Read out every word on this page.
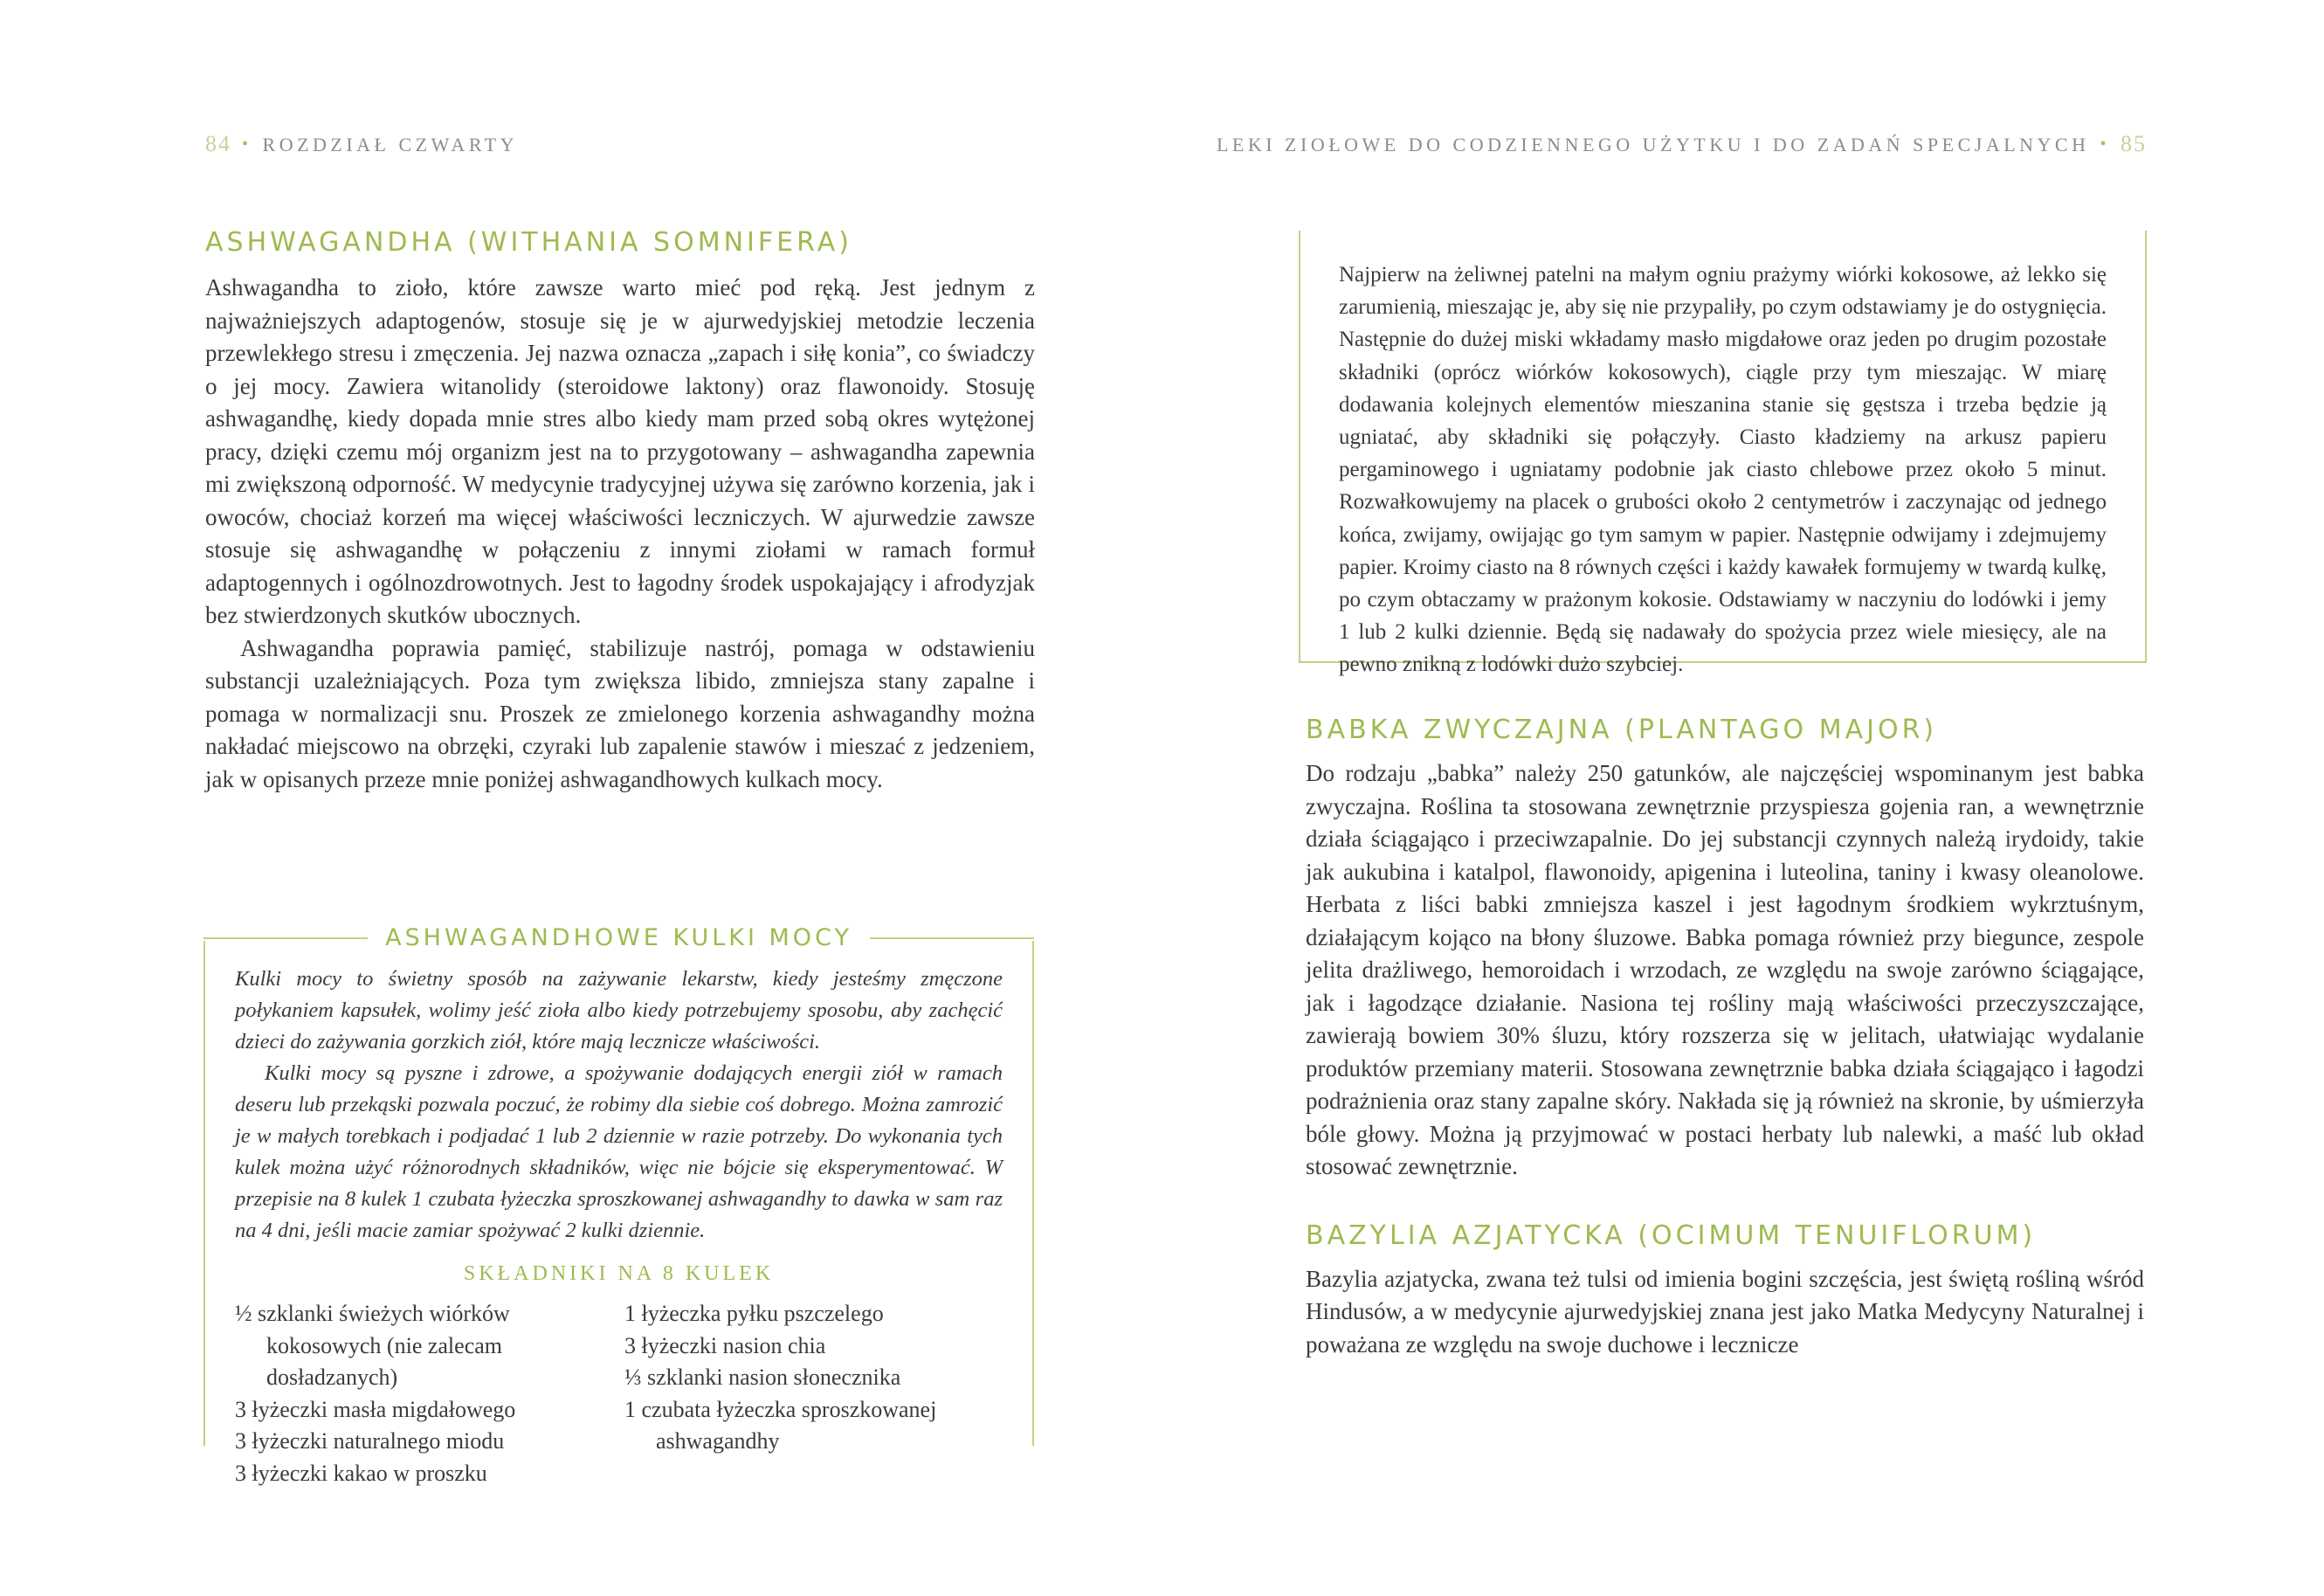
84 • ROZDZIAŁ CZWARTY	LEKI ZIOŁOWE DO CODZIENNEGO UŻYTKU I DO ZADAŃ SPECJALNYCH • 85
ASHWAGANDHA (WITHANIA SOMNIFERA)

Ashwagandha to zioło, które zawsze warto mieć pod ręką. Jest jednym z najważniejszych adaptogenów, stosuje się je w ajurwedyjskiej metodzie leczenia przewlekłego stresu i zmęczenia. Jej nazwa oznacza „zapach i siłę konia”, co świadczy o jej mocy. Zawiera witanolidy (steroidowe laktony) oraz flawonoidy. Stosuję ashwagandhę, kiedy dopada mnie stres albo kiedy mam przed sobą okres wytężonej pracy, dzięki czemu mój organizm jest na to przygotowany – ashwagandha zapewnia mi zwiększoną odporność. W medycynie tradycyjnej używa się zarówno korzenia, jak i owoców, chociaż korzeń ma więcej właściwości leczniczych. W ajurwedzie zawsze stosuje się ashwagandhę w połączeniu z innymi ziołami w ramach formuł adaptogennych i ogólnozdrowotnych. Jest to łagodny środek uspokajający i afrodyzjak bez stwierdzonych skutków ubocznych.

Ashwagandha poprawia pamięć, stabilizuje nastrój, pomaga w odstawieniu substancji uzależniających. Poza tym zwiększa libido, zmniejsza stany zapalne i pomaga w normalizacji snu. Proszek ze zmielonego korzenia ashwagandhy można nakładać miejscowo na obrzęki, czyraki lub zapalenie stawów i mieszać z jedzeniem, jak w opisanych przeze mnie poniżej ashwagandhowych kulkach mocy.

ASHWAGANDHOWE KULKI MOCY

Kulki mocy to świetny sposób na zażywanie lekarstw, kiedy jesteśmy zmęczone połykaniem kapsułek, wolimy jeść zioła albo kiedy potrzebujemy sposobu, aby zachęcić dzieci do zażywania gorzkich ziół, które mają lecznicze właściwości.

Kulki mocy są pyszne i zdrowe, a spożywanie dodających energii ziół w ramach deseru lub przekąski pozwala poczuć, że robimy dla siebie coś dobrego. Można zamrozić je w małych torebkach i podjadać 1 lub 2 dziennie w razie potrzeby. Do wykonania tych kulek można użyć różnorodnych składników, więc nie bójcie się eksperymentować. W przepisie na 8 kulek 1 czubata łyżeczka sproszkowanej ashwagandhy to dawka w sam raz na 4 dni, jeśli macie zamiar spożywać 2 kulki dziennie.

SKŁADNIKI NA 8 KULEK
½ szklanki świeżych wiórków kokosowych (nie zalecam dosładzanych)
3 łyżeczki masła migdałowego
3 łyżeczki naturalnego miodu
3 łyżeczki kakao w proszku
1 łyżeczka pyłku pszczelego
3 łyżeczki nasion chia
⅓ szklanki nasion słonecznika
1 czubata łyżeczka sproszkowanej ashwagandhy

Najpierw na żeliwnej patelni na małym ogniu prażymy wiórki kokosowe, aż lekko się zarumienią, mieszając je, aby się nie przypaliły, po czym odstawiamy je do ostygnięcia. Następnie do dużej miski wkładamy masło migdałowe oraz jeden po drugim pozostałe składniki (oprócz wiórków kokosowych), ciągle przy tym mieszając. W miarę dodawania kolejnych elementów mieszanina stanie się gęstsza i trzeba będzie ją ugniatać, aby składniki się połączyły. Ciasto kładziemy na arkusz papieru pergaminowego i ugniatamy podobnie jak ciasto chlebowe przez około 5 minut. Rozwałkowujemy na placek o grubości około 2 centymetrów i zaczynając od jednego końca, zwijamy, owijając go tym samym w papier. Następnie odwijamy i zdejmujemy papier. Kroimy ciasto na 8 równych części i każdy kawałek formujemy w twardą kulkę, po czym obtaczamy w prażonym kokosie. Odstawiamy w naczyniu do lodówki i jemy 1 lub 2 kulki dziennie. Będą się nadawały do spożycia przez wiele miesięcy, ale na pewno znikną z lodówki dużo szybciej.

BABKA ZWYCZAJNA (PLANTAGO MAJOR)

Do rodzaju „babka” należy 250 gatunków, ale najczęściej wspominanym jest babka zwyczajna. Roślina ta stosowana zewnętrznie przyspiesza gojenia ran, a wewnętrznie działa ściągająco i przeciwzapalnie. Do jej substancji czynnych należą irydoidy, takie jak aukubina i katalpol, flawonoidy, apigenina i luteolina, taniny i kwasy oleanolowe. Herbata z liści babki zmniejsza kaszel i jest łagodnym środkiem wykrztuśnym, działającym kojąco na błony śluzowe. Babka pomaga również przy biegunce, zespole jelita drażliwego, hemoroidach i wrzodach, ze względu na swoje zarówno ściągające, jak i łagodzące działanie. Nasiona tej rośliny mają właściwości przeczyszczające, zawierają bowiem 30% śluzu, który rozszerza się w jelitach, ułatwiając wydalanie produktów przemiany materii. Stosowana zewnętrznie babka działa ściągająco i łagodzi podrażnienia oraz stany zapalne skóry. Nakłada się ją również na skronie, by uśmierzyła bóle głowy. Można ją przyjmować w postaci herbaty lub nalewki, a maść lub okład stosować zewnętrznie.

BAZYLIA AZJATYCKA (OCIMUM TENUIFLORUM)

Bazylia azjatycka, zwana też tulsi od imienia bogini szczęścia, jest świętą rośliną wśród Hindusów, a w medycynie ajurwedyjskiej znana jest jako Matka Medycyny Naturalnej i poważana ze względu na swoje duchowe i lecznicze
